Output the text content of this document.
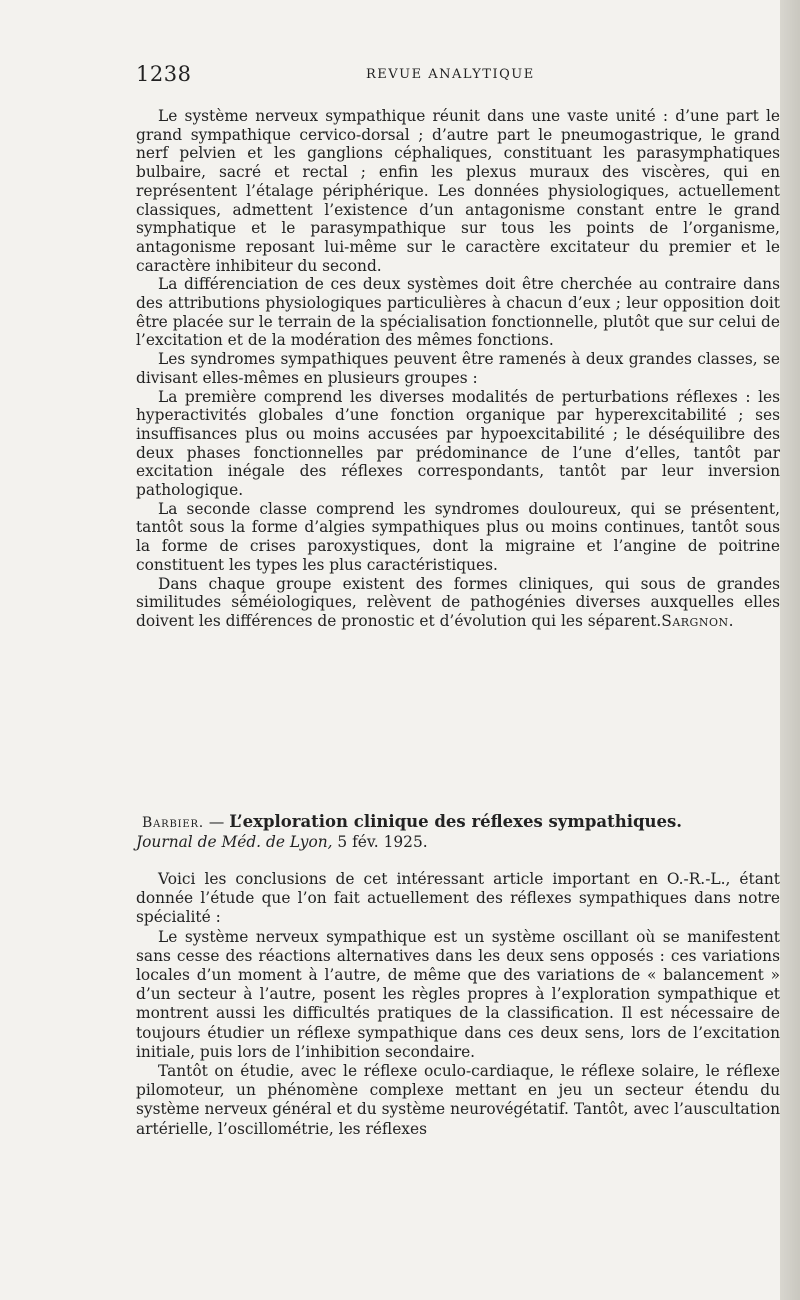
1238	REVUE ANALYTIQUE

Le système nerveux sympathique réunit dans une vaste unité : d’une part le grand sympathique cervico-dorsal ; d’autre part le pneumogastrique, le grand nerf pelvien et les ganglions céphaliques, constituant les parasymphatiques bulbaire, sacré et rectal ; enfin les plexus muraux des viscères, qui en représentent l’étalage périphérique. Les données physiologiques, actuellement classiques, admettent l’existence d’un antagonisme constant entre le grand symphatique et le parasympathique sur tous les points de l’organisme, antagonisme reposant lui-même sur le caractère excitateur du premier et le caractère inhibiteur du second.

La différenciation de ces deux systèmes doit être cherchée au contraire dans des attributions physiologiques particulières à chacun d’eux ; leur opposition doit être placée sur le terrain de la spécialisation fonctionnelle, plutôt que sur celui de l’excitation et de la modération des mêmes fonctions.

Les syndromes sympathiques peuvent être ramenés à deux grandes classes, se divisant elles-mêmes en plusieurs groupes :

La première comprend les diverses modalités de perturbations réflexes : les hyperactivités globales d’une fonction organique par hyperexcitabilité ; ses insuffisances plus ou moins accusées par hypoexcitabilité ; le déséquilibre des deux phases fonctionnelles par prédominance de l’une d’elles, tantôt par excitation inégale des réflexes correspondants, tantôt par leur inversion pathologique.

La seconde classe comprend les syndromes douloureux, qui se présentent, tantôt sous la forme d’algies sympathiques plus ou moins continues, tantôt sous la forme de crises paroxystiques, dont la migraine et l’angine de poitrine constituent les types les plus caractéristiques.

Dans chaque groupe existent des formes cliniques, qui sous de grandes similitudes séméiologiques, relèvent de pathogénies diverses auxquelles elles doivent les différences de pronostic et d’évolution qui les séparent. Sargnon.

Barbier. — L’exploration clinique des réflexes sympathiques.

Journal de Méd. de Lyon, 5 fév. 1925.

Voici les conclusions de cet intéressant article important en O.-R.-L., étant donnée l’étude que l’on fait actuellement des réflexes sympathiques dans notre spécialité :

Le système nerveux sympathique est un système oscillant où se manifestent sans cesse des réactions alternatives dans les deux sens opposés : ces variations locales d’un moment à l’autre, de même que des variations de « balancement » d’un secteur à l’autre, posent les règles propres à l’exploration sympathique et montrent aussi les difficultés pratiques de la classification. Il est nécessaire de toujours étudier un réflexe sympathique dans ces deux sens, lors de l’excitation initiale, puis lors de l’inhibition secondaire.

Tantôt on étudie, avec le réflexe oculo-cardiaque, le réflexe solaire, le réflexe pilomoteur, un phénomène complexe mettant en jeu un secteur étendu du système nerveux général et du système neurovégétatif. Tantôt, avec l’auscultation artérielle, l’oscillométrie, les réflexes
